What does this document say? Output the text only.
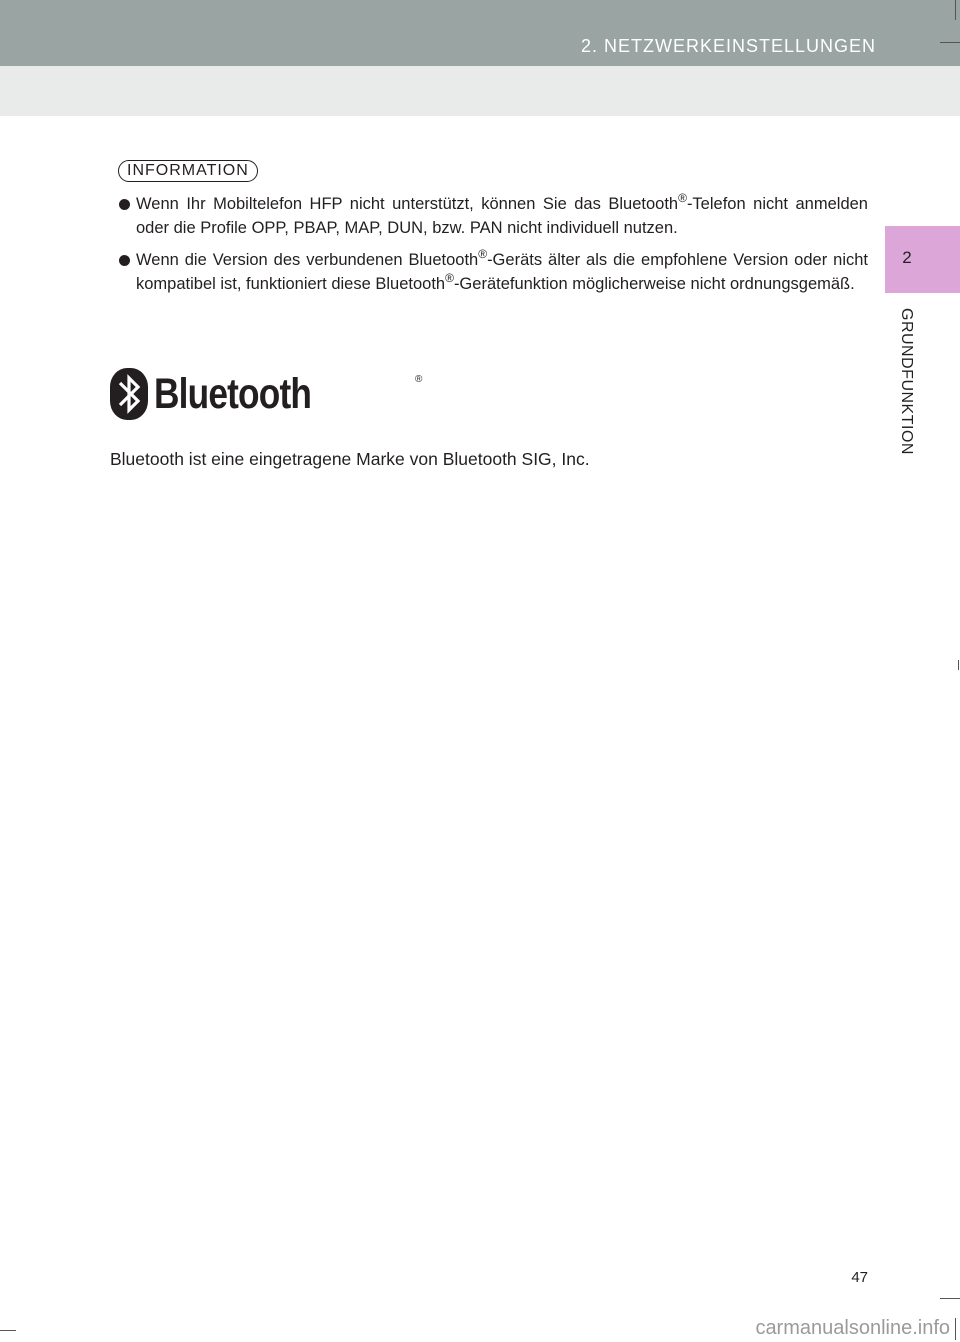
2. NETZWERKEINSTELLUNGEN
2
GRUNDFUNKTION
INFORMATION
Wenn Ihr Mobiltelefon HFP nicht unterstützt, können Sie das Bluetooth®-Telefon nicht anmelden oder die Profile OPP, PBAP, MAP, DUN, bzw. PAN nicht individuell nutzen.
Wenn die Version des verbundenen Bluetooth®-Geräts älter als die empfohlene Version oder nicht kompatibel ist, funktioniert diese Bluetooth®-Gerätefunktion möglicherweise nicht ordnungsgemäß.
Bluetooth	®
Bluetooth ist eine eingetragene Marke von Bluetooth SIG, Inc.
47
carmanualsonline.info
